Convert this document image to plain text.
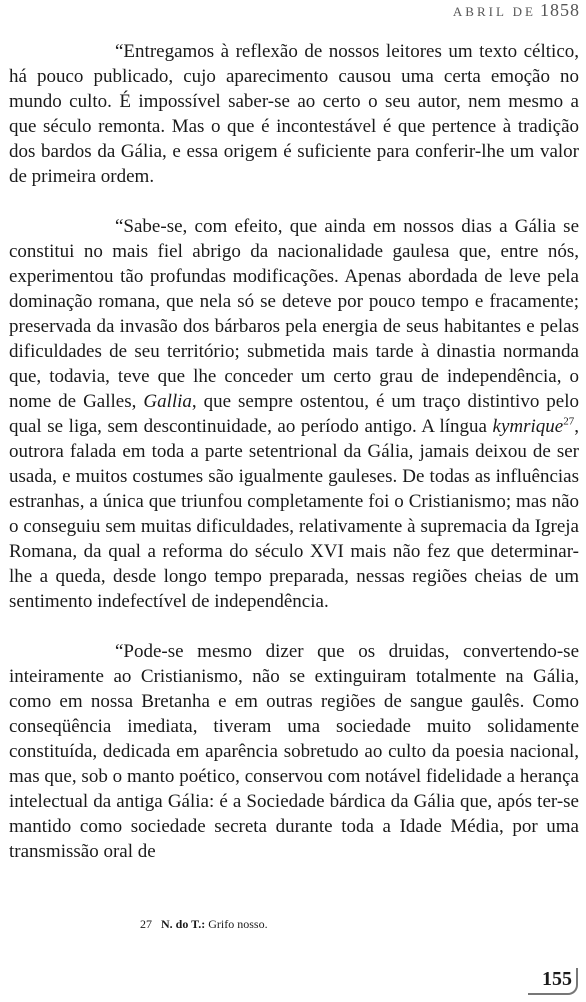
ABRIL DE 1858

“Entregamos à reflexão de nossos leitores um texto céltico, há pouco publicado, cujo aparecimento causou uma certa emoção no mundo culto. É impossível saber-se ao certo o seu autor, nem mesmo a que século remonta. Mas o que é incontestável é que pertence à tradição dos bardos da Gália, e essa origem é suficiente para conferir-lhe um valor de primeira ordem.

“Sabe-se, com efeito, que ainda em nossos dias a Gália se constitui no mais fiel abrigo da nacionalidade gaulesa que, entre nós, experimentou tão profundas modificações. Apenas abordada de leve pela dominação romana, que nela só se deteve por pouco tempo e fracamente; preservada da invasão dos bárbaros pela energia de seus habitantes e pelas dificuldades de seu território; submetida mais tarde à dinastia normanda que, todavia, teve que lhe conceder um certo grau de independência, o nome de Galles, Gallia, que sempre ostentou, é um traço distintivo pelo qual se liga, sem descontinuidade, ao período antigo. A língua kymrique$^{27}$, outrora falada em toda a parte setentrional da Gália, jamais deixou de ser usada, e muitos costumes são igualmente gauleses. De todas as influências estranhas, a única que triunfou completamente foi o Cristianismo; mas não o conseguiu sem muitas dificuldades, relativamente à supremacia da Igreja Romana, da qual a reforma do século XVI mais não fez que determinar-lhe a queda, desde longo tempo preparada, nessas regiões cheias de um sentimento indefectível de independência.

“Pode-se mesmo dizer que os druidas, convertendo-se inteiramente ao Cristianismo, não se extinguiram totalmente na Gália, como em nossa Bretanha e em outras regiões de sangue gaulês. Como conseqüência imediata, tiveram uma sociedade muito solidamente constituída, dedicada em aparência sobretudo ao culto da poesia nacional, mas que, sob o manto poético, conservou com notável fidelidade a herança intelectual da antiga Gália: é a Sociedade bárdica da Gália que, após ter-se mantido como sociedade secreta durante toda a Idade Média, por uma transmissão oral de

27 N. do T.: Grifo nosso.
155
